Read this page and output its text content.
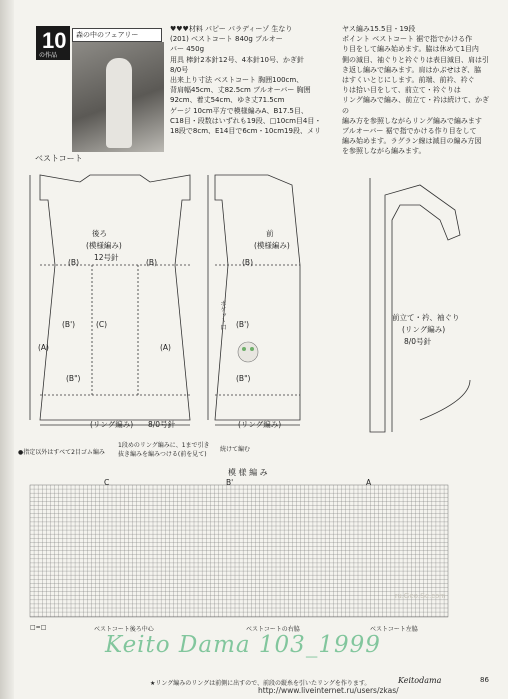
10
の作品
森の中のフェアリー
♥♥♥材料 パピー パラディーゾ 生なり
(201) ベストコート 840g ブルオー
バー 450g
用具 棒針2本針12号、4本針10号、かぎ針
8/0号
出来上り寸法 ベストコート 胸囲100cm、
背肩幅45cm、丈82.5cm ブルオーバー 胸囲
92cm、着丈54cm、ゆき丈71.5cm
ゲージ 10cm平方で模様編みA、B17.5目、
C18目・段数はいずれも19段、□10cm目4目・
18段で8cm、E14目で6cm・10cm19段、メリ
ヤス編み15.5目・19段
ポイント ベストコート 裾で指でかける作
り目をして編み始めます。脇は休めて1目内
側の減目、袖ぐりと衿ぐりは表目減目、肩は引
き返し編みで編みます。肩はかぶせはぎ、脇
はすくいとじにします。前端、前衿、衿ぐ
りは拾い目をして、前立て・衿ぐりは
リング編みで編み、前立て・衿は続けて、かぎの
編み方を参照しながらリング編みで編みます
ブルオーバー 裾で指でかける作り目をして
編み始めます。ラグラン線は減目の編み方図
を参照しながら編みます。
ベストコート
後ろ
(模様編み)
12号針
(B)	(B)
(B')	(C)
(A)	(A)
(B")
(リング編み) 8/0号針
前
(模様編み)
(B)
(B')
(B")
(リング編み)
ポケット口	前立て・衿、袖ぐり
(リング編み)
8/0号針
●指定以外はすべて2目ゴム編み
1段めのリング編みに、1まで引き抜き編みを編みつける(前を見て)
続けて編む
模 様 編 み
C	B'	A
□=□	ベストコート後ろ中心	ベストコートの右脇	ベストコート左脇
★リング編みのリングは前側に出すので、前段の縦糸を引いたリングを作ります。
Keito Dama 103_1999
ru.Geo.Se.com
Keitodama	86
http://www.liveinternet.ru/users/zkas/
